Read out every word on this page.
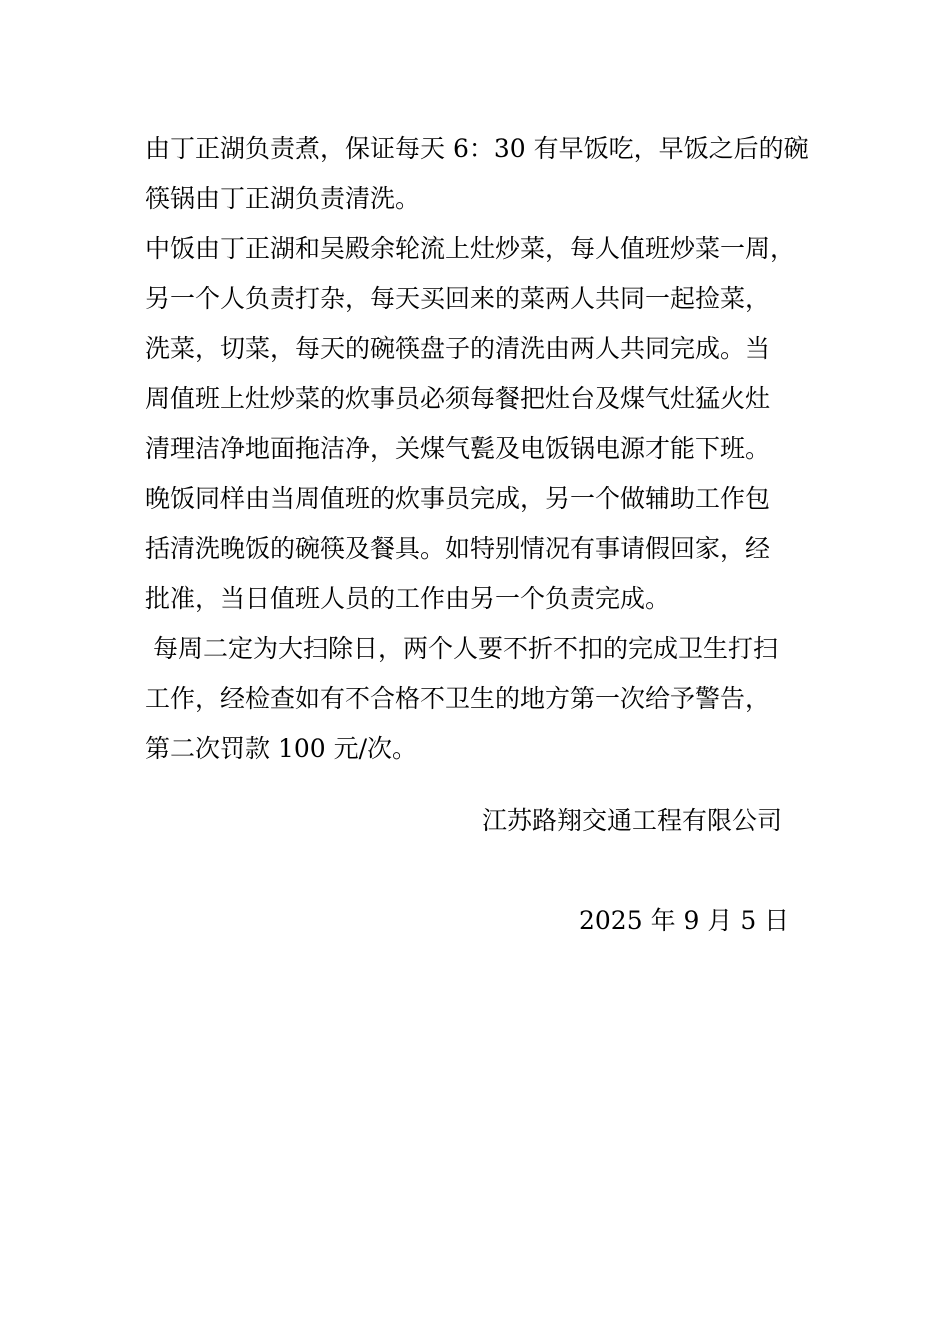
由丁正湖负责煮，保证每天 6：30 有早饭吃，早饭之后的碗
筷锅由丁正湖负责清洗。
中饭由丁正湖和吴殿余轮流上灶炒菜，每人值班炒菜一周，
另一个人负责打杂，每天买回来的菜两人共同一起捡菜，
洗菜，切菜，每天的碗筷盘子的清洗由两人共同完成。当
周值班上灶炒菜的炊事员必须每餐把灶台及煤气灶猛火灶
清理洁净地面拖洁净，关煤气甏及电饭锅电源才能下班。
晚饭同样由当周值班的炊事员完成，另一个做辅助工作包
括清洗晚饭的碗筷及餐具。如特别情况有事请假回家，经
批准，当日值班人员的工作由另一个负责完成。
每周二定为大扫除日，两个人要不折不扣的完成卫生打扫
工作，经检查如有不合格不卫生的地方第一次给予警告，
第二次罚款 100 元/次。
江苏路翔交通工程有限公司
2025 年 9 月 5 日
